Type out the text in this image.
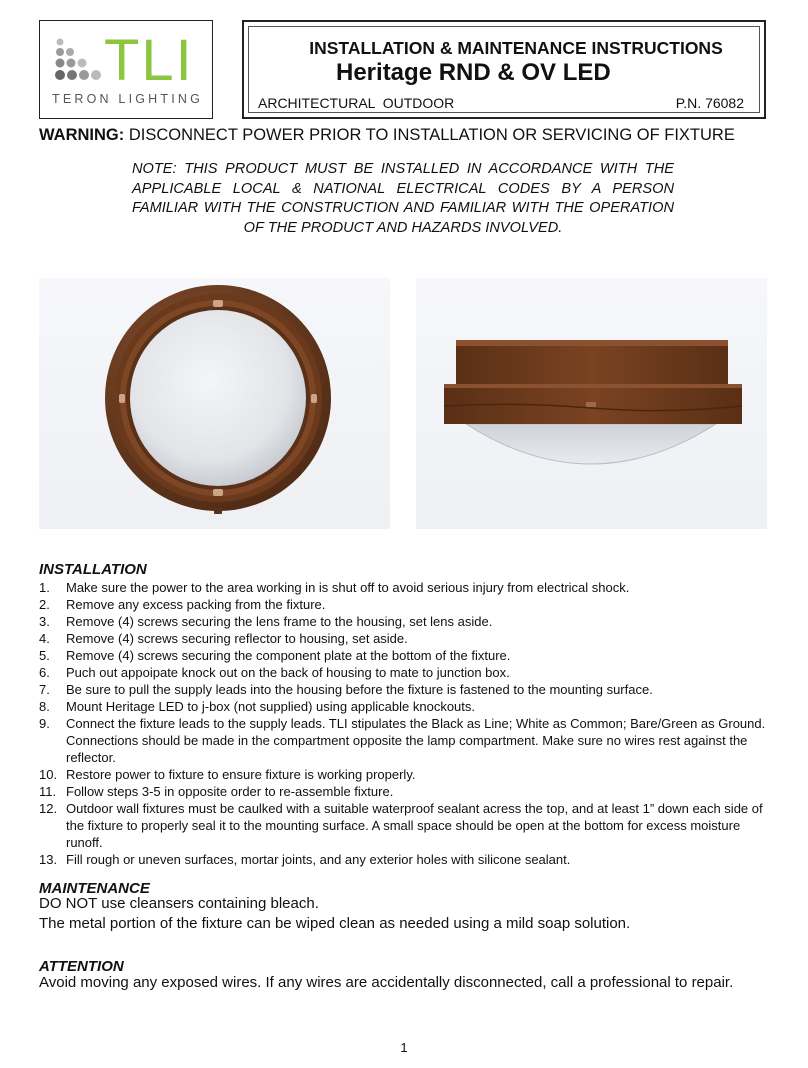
TLI
TERON LIGHTING
INSTALLATION & MAINTENANCE INSTRUCTIONS
Heritage RND & OV LED
ARCHITECTURAL  OUTDOOR	P.N. 76082
WARNING: DISCONNECT POWER PRIOR TO INSTALLATION OR SERVICING OF FIXTURE
NOTE: THIS PRODUCT MUST BE INSTALLED IN ACCORDANCE WITH THE APPLICABLE LOCAL & NATIONAL ELECTRICAL CODES BY A PERSON FAMILIAR WITH THE CONSTRUCTION AND FAMILIAR WITH THE OPERATION OF THE PRODUCT AND HAZARDS INVOLVED.
INSTALLATION
1. Make sure the power to the area working in is shut off to avoid serious injury from electrical shock.
2. Remove any excess packing from the fixture.
3. Remove (4) screws securing the lens frame to the housing, set lens aside.
4. Remove (4) screws securing reflector to housing, set aside.
5. Remove (4) screws securing the component plate at the bottom of the fixture.
6. Puch out appoipate knock out on the back of housing to mate to junction box.
7. Be sure to pull the supply leads into the housing before the fixture is fastened to the mounting surface.
8. Mount Heritage LED to j-box (not supplied) using applicable knockouts.
9. Connect the fixture leads to the supply leads. TLI stipulates the Black as Line; White as Common; Bare/Green as Ground. Connections should be made in the compartment opposite the lamp compartment. Make sure no wires rest against the reflector.
10. Restore power to fixture to ensure fixture is working properly.
11. Follow steps 3-5 in opposite order to re-assemble fixture.
12. Outdoor wall fixtures must be caulked with a suitable waterproof sealant acress the top, and at least 1” down each side of the fixture to properly seal it to the mounting surface. A small space should be open at the bottom for excess moisture runoff.
13. Fill rough or uneven surfaces, mortar joints, and any exterior holes with silicone sealant.
MAINTENANCE
DO NOT use cleansers containing bleach.
The metal portion of the fixture can be wiped clean as needed using a mild soap solution.
ATTENTION
Avoid moving any exposed wires. If any wires are accidentally disconnected, call a professional to repair.
1
